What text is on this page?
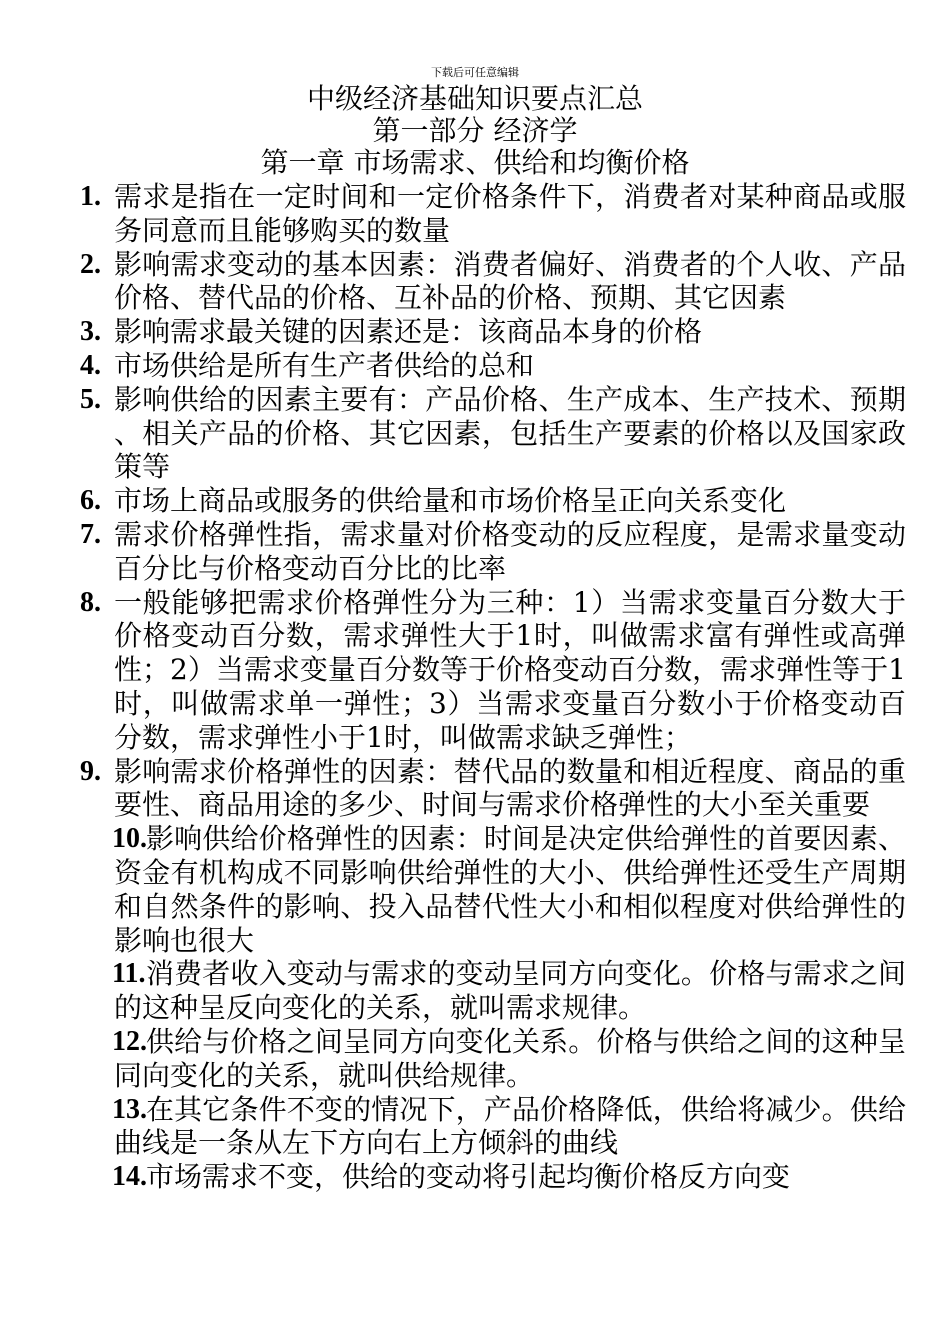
下载后可任意编辑
中级经济基础知识要点汇总
第一部分 经济学
第一章 市场需求、供给和均衡价格
1. 需求是指在一定时间和一定价格条件下，消费者对某种商品或服务同意而且能够购买的数量
2. 影响需求变动的基本因素：消费者偏好、消费者的个人收、产品价格、替代品的价格、互补品的价格、预期、其它因素
3. 影响需求最关键的因素还是：该商品本身的价格
4. 市场供给是所有生产者供给的总和
5. 影响供给的因素主要有：产品价格、生产成本、生产技术、预期、相关产品的价格、其它因素，包括生产要素的价格以及国家政策等
6. 市场上商品或服务的供给量和市场价格呈正向关系变化
7. 需求价格弹性指，需求量对价格变动的反应程度，是需求量变动百分比与价格变动百分比的比率
8. 一般能够把需求价格弹性分为三种：1）当需求变量百分数大于价格变动百分数，需求弹性大于1时，叫做需求富有弹性或高弹性；2）当需求变量百分数等于价格变动百分数，需求弹性等于1时，叫做需求单一弹性；3）当需求变量百分数小于价格变动百分数，需求弹性小于1时，叫做需求缺乏弹性；
9. 影响需求价格弹性的因素：替代品的数量和相近程度、商品的重要性、商品用途的多少、时间与需求价格弹性的大小至关重要
10. 影响供给价格弹性的因素：时间是决定供给弹性的首要因素、资金有机构成不同影响供给弹性的大小、供给弹性还受生产周期和自然条件的影响、投入品替代性大小和相似程度对供给弹性的影响也很大
11. 消费者收入变动与需求的变动呈同方向变化。价格与需求之间的这种呈反向变化的关系，就叫需求规律。
12. 供给与价格之间呈同方向变化关系。价格与供给之间的这种呈同向变化的关系，就叫供给规律。
13. 在其它条件不变的情况下，产品价格降低，供给将减少。供给曲线是一条从左下方向右上方倾斜的曲线
14. 市场需求不变，供给的变动将引起均衡价格反方向变
